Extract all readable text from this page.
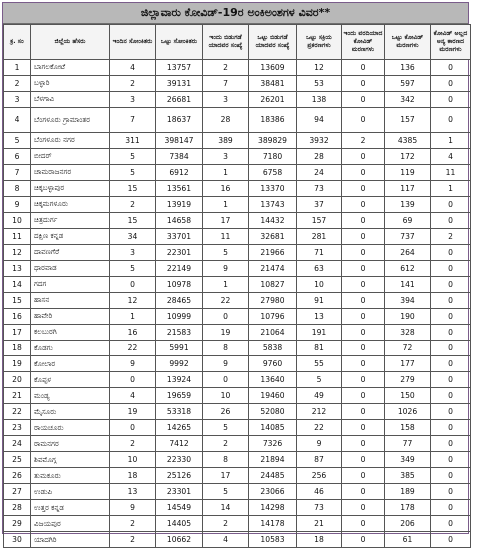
ಜಿಲ್ಲಾವಾರು ಕೋವಿಡ್-19ರ ಅಂಕಿಅಂಶಗಳ ವಿವರ**
ಕ್ರ. ಸಂ	ಜಿಲ್ಲೆಯ ಹೆಸರು	ಇಂದಿನ ಸೋಂಕಿತರು	ಒಟ್ಟು ಸೋಂಕಿತರು	ಇಂದು ಬಿಡುಗಡೆ ಯಾದವರ ಸಂಖ್ಯೆ	ಒಟ್ಟು ಬಿಡುಗಡೆ ಯಾದವರ ಸಂಖ್ಯೆ	ಒಟ್ಟು ಸಕ್ರಿಯ ಪ್ರಕರಣಗಳು	ಇಂದು ವರದಿಯಾದ ಕೋವಿಡ್ ಮರಣಗಳು	ಒಟ್ಟು ಕೋವಿಡ್ ಮರಣಗಳು	ಕೋವಿಡ್ ಅಲ್ಲದ ಅನ್ಯ ಕಾರಣದ ಮರಣಗಳು
1	ಬಾಗಲಕೋಟೆ	4	13757	2	13609	12	0	136	0
2	ಬಳ್ಳಾರಿ	2	39131	7	38481	53	0	597	0
3	ಬೆಳಗಾವಿ	3	26681	3	26201	138	0	342	0
4	ಬೆಂಗಳೂರು ಗ್ರಾಮಾಂತರ	7	18637	28	18386	94	0	157	0
5	ಬೆಂಗಳೂರು ನಗರ	311	398147	389	389829	3932	2	4385	1
6	ಬೀದರ್	5	7384	3	7180	28	0	172	4
7	ಚಾಮರಾಜನಗರ	5	6912	1	6758	24	0	119	11
8	ಚಿಕ್ಕಬಳ್ಳಾಪುರ	15	13561	16	13370	73	0	117	1
9	ಚಿಕ್ಕಮಗಳೂರು	2	13919	1	13743	37	0	139	0
10	ಚಿತ್ರದುರ್ಗ	15	14658	17	14432	157	0	69	0
11	ದಕ್ಷಿಣ ಕನ್ನಡ	34	33701	11	32681	281	0	737	2
12	ದಾವಣಗೆರೆ	3	22301	5	21966	71	0	264	0
13	ಧಾರವಾಡ	5	22149	9	21474	63	0	612	0
14	ಗದಗ	0	10978	1	10827	10	0	141	0
15	ಹಾಸನ	12	28465	22	27980	91	0	394	0
16	ಹಾವೇರಿ	1	10999	0	10796	13	0	190	0
17	ಕಲಬುರಗಿ	16	21583	19	21064	191	0	328	0
18	ಕೊಡಗು	22	5991	8	5838	81	0	72	0
19	ಕೋಲಾರ	9	9992	9	9760	55	0	177	0
20	ಕೊಪ್ಪಳ	0	13924	0	13640	5	0	279	0
21	ಮಂಡ್ಯ	4	19659	10	19460	49	0	150	0
22	ಮೈಸೂರು	19	53318	26	52080	212	0	1026	0
23	ರಾಯಚೂರು	0	14265	5	14085	22	0	158	0
24	ರಾಮನಗರ	2	7412	2	7326	9	0	77	0
25	ಶಿವಮೊಗ್ಗ	10	22330	8	21894	87	0	349	0
26	ತುಮಕೂರು	18	25126	17	24485	256	0	385	0
27	ಉಡುಪಿ	13	23301	5	23066	46	0	189	0
28	ಉತ್ತರ ಕನ್ನಡ	9	14549	14	14298	73	0	178	0
29	ವಿಜಯಪುರ	2	14405	2	14178	21	0	206	0
30	ಯಾದಗಿರಿ	2	10662	4	10583	18	0	61	0
